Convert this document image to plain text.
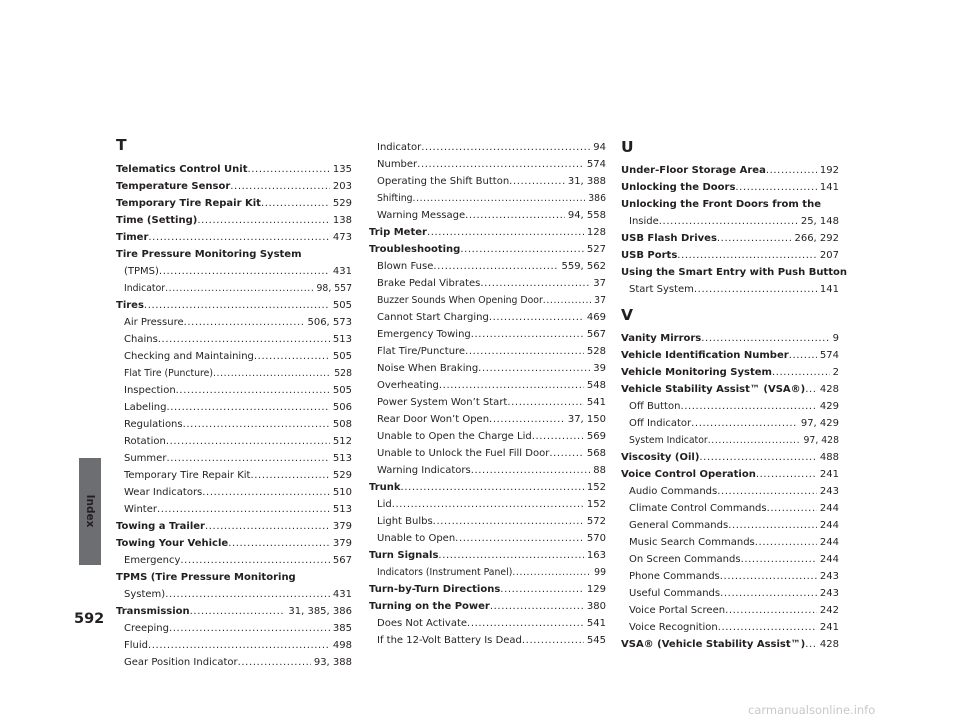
Index
T
Telematics Control Unit .....	135
Temperature Sensor .....	203
Temporary Tire Repair Kit .....	529
Time (Setting) .....	138
Timer .....	473
Tire Pressure Monitoring System
(TPMS) .....	431
Indicator .....	98, 557
Tires .....	505
Air Pressure .....	506, 573
Chains .....	513
Checking and Maintaining .....	505
Flat Tire (Puncture) .....	528
Inspection .....	505
Labeling .....	506
Regulations .....	508
Rotation .....	512
Summer .....	513
Temporary Tire Repair Kit .....	529
Wear Indicators .....	510
Winter .....	513
Towing a Trailer .....	379
Towing Your Vehicle .....	379
Emergency .....	567
TPMS (Tire Pressure Monitoring
System) .....	431
Transmission .....	31, 385, 386
Creeping .....	385
Fluid .....	498
Gear Position Indicator .....	93, 388
Indicator .....	94
Number .....	574
Operating the Shift Button .....	31, 388
Shifting .....	386
Warning Message .....	94, 558
Trip Meter .....	128
Troubleshooting .....	527
Blown Fuse .....	559, 562
Brake Pedal Vibrates .....	37
Buzzer Sounds When Opening Door .....	37
Cannot Start Charging .....	469
Emergency Towing .....	567
Flat Tire/Puncture .....	528
Noise When Braking .....	39
Overheating .....	548
Power System Won’t Start .....	541
Rear Door Won’t Open .....	37, 150
Unable to Open the Charge Lid .....	569
Unable to Unlock the Fuel Fill Door .....	568
Warning Indicators .....	88
Trunk .....	152
Lid .....	152
Light Bulbs .....	572
Unable to Open .....	570
Turn Signals .....	163
Indicators (Instrument Panel) .....	99
Turn-by-Turn Directions .....	129
Turning on the Power .....	380
Does Not Activate .....	541
If the 12-Volt Battery Is Dead .....	545
U
Under-Floor Storage Area .....	192
Unlocking the Doors .....	141
Unlocking the Front Doors from the
Inside .....	25, 148
USB Flash Drives .....	266, 292
USB Ports .....	207
Using the Smart Entry with Push Button
Start System .....	141
V
Vanity Mirrors .....	9
Vehicle Identification Number .....	574
Vehicle Monitoring System .....	2
Vehicle Stability Assist™ (VSA®) .....	428
Off Button .....	429
Off Indicator .....	97, 429
System Indicator .....	97, 428
Viscosity (Oil) .....	488
Voice Control Operation .....	241
Audio Commands .....	243
Climate Control Commands .....	244
General Commands .....	244
Music Search Commands .....	244
On Screen Commands .....	244
Phone Commands .....	243
Useful Commands .....	243
Voice Portal Screen .....	242
Voice Recognition .....	241
VSA® (Vehicle Stability Assist™) .....	428
592
carmanualsonline.info
